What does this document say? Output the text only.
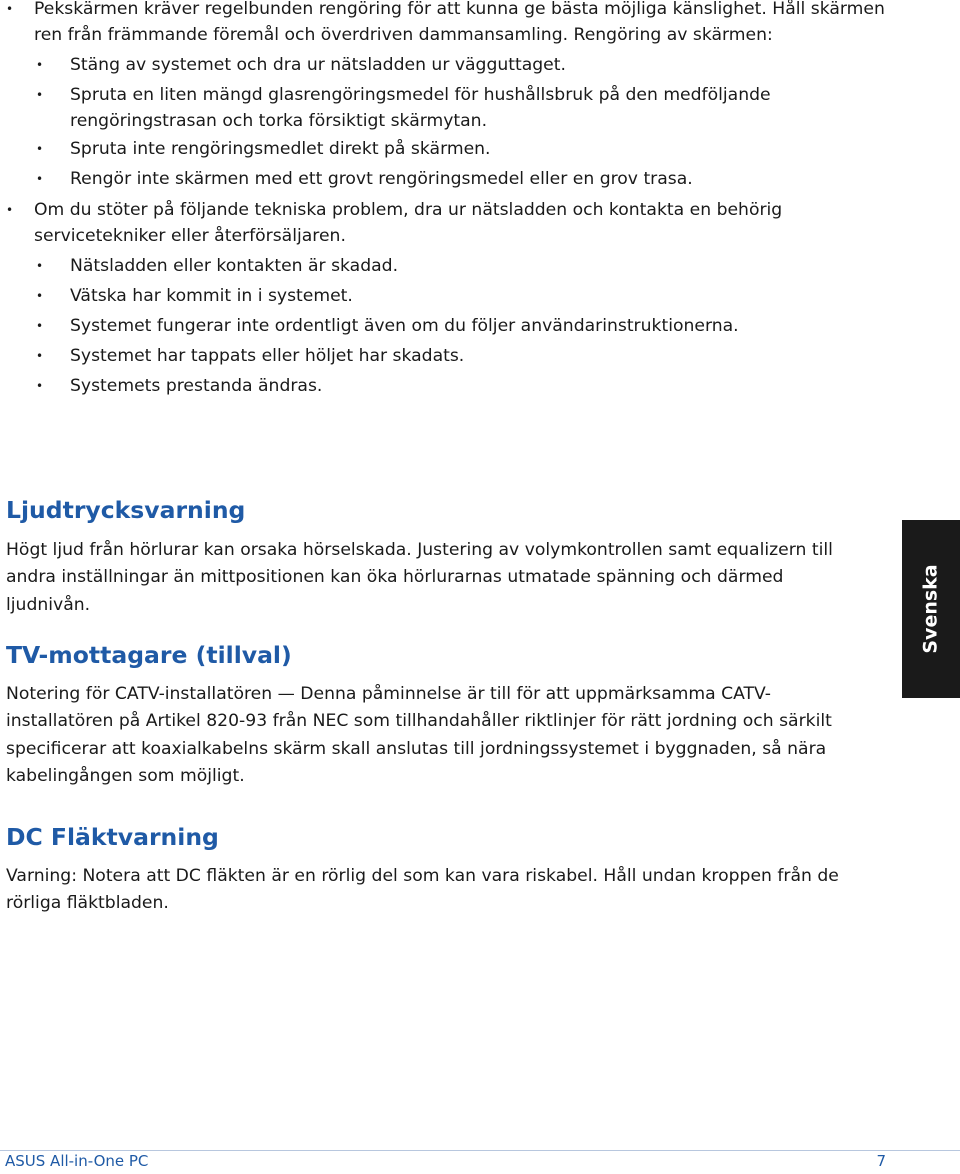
• Pekskärmen kräver regelbunden rengöring för att kunna ge bästa möjliga känslighet. Håll skärmen ren från främmande föremål och överdriven dammansamling. Rengöring av skärmen:
• Stäng av systemet och dra ur nätsladden ur vägguttaget.
• Spruta en liten mängd glasrengöringsmedel för hushållsbruk på den medföljande rengöringstrasan och torka försiktigt skärmytan.
• Spruta inte rengöringsmedlet direkt på skärmen.
• Rengör inte skärmen med ett grovt rengöringsmedel eller en grov trasa.
• Om du stöter på följande tekniska problem, dra ur nätsladden och kontakta en behörig servicetekniker eller återförsäljaren.
• Nätsladden eller kontakten är skadad.
• Vätska har kommit in i systemet.
• Systemet fungerar inte ordentligt även om du följer användarinstruktionerna.
• Systemet har tappats eller höljet har skadats.
• Systemets prestanda ändras.
Ljudtrycksvarning

Högt ljud från hörlurar kan orsaka hörselskada. Justering av volymkontrollen samt equalizern till andra inställningar än mittpositionen kan öka hörlurarnas utmatade spänning och därmed ljudnivån.

TV-mottagare (tillval)

Notering för CATV-installatören — Denna påminnelse är till för att uppmärksamma CATV-installatören på Artikel 820-93 från NEC som tillhandahåller riktlinjer för rätt jordning och särkilt specificerar att koaxialkabelns skärm skall anslutas till jordningssystemet i byggnaden, så nära kabelingången som möjligt.

DC Fläktvarning

Varning: Notera att DC fläkten är en rörlig del som kan vara riskabel. Håll undan kroppen från de rörliga fläktbladen.

Svenska
ASUS All-in-One PC	7
